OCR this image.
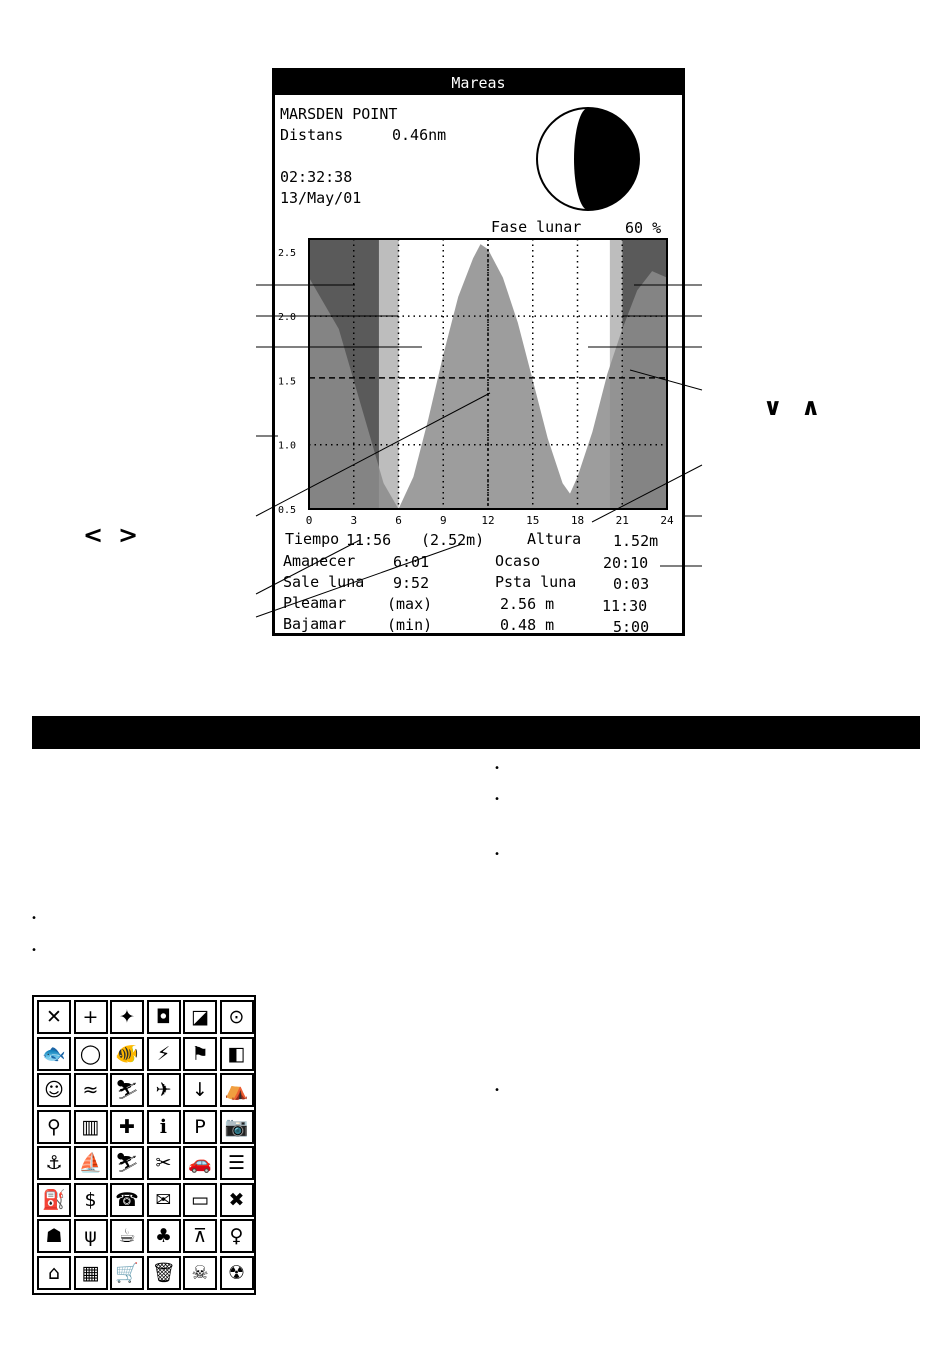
Mareas
MARSDEN POINT
Distans	0.46nm
02:32:38
13/May/01
Fase lunar	60 %
2.5
2.0
1.5
1.0
0.5
0	3	6	9	12	15	18	21	24
Tiempo 11:56 (2.52m)	Altura 1.52m
Amanecer	6:01	Ocaso	20:10
Sale luna 9:52	Psta luna 0:03
Pleamar	(max)	2.56 m	11:30
Bajamar	(min)	0.48 m	5:00
< >
∨ ∧
•
•
•
•
•
•
✕	+	✦	◘	◪	⊙
🐟 ◯ 🐠 ⚡	⚑	◧
☺ ≈ ⛷ ✈	↓ ⛺
⚲	▥	✚	ℹ	P 📷
⚓ ⛵ ⛷ ✂ 🚗 ☰
⛽ $ ☎ ✉	▭	✖
☗	ψ	☕	♣	⊼	♀
⌂	▦ 🛒 🗑 ☠	☢
